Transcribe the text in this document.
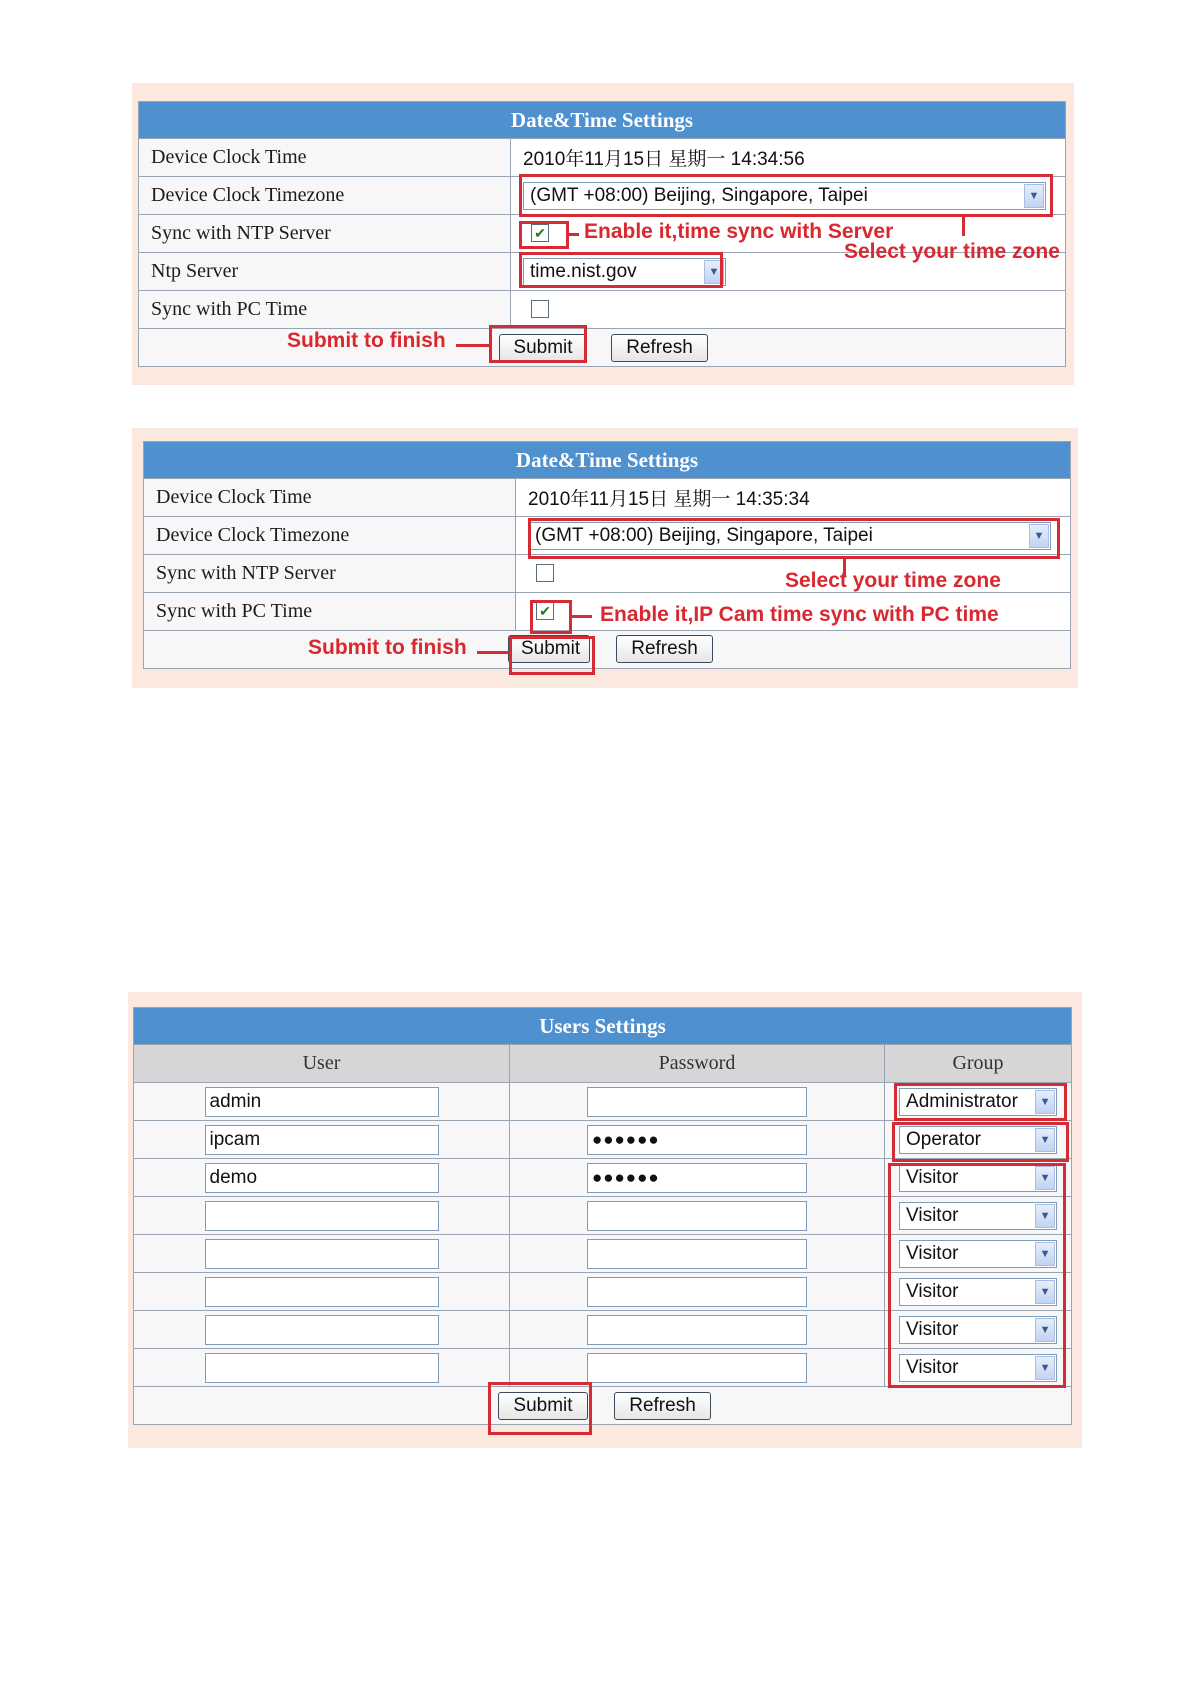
Date&Time Settings	
Device Clock Time	2010年11月15日 星期一 14:34:56
Device Clock Timezone	(GMT +08:00) Beijing, Singapore, Taipei ▼

Sync with NTP Server	✔

Ntp Server	time.nist.gov ▼

Sync with PC Time	

Submit Refresh	
Enable it,time sync with Server
Select your time zone
Submit to finish
Date&Time Settings	
Device Clock Time	2010年11月15日 星期一 14:35:34
Device Clock Timezone	(GMT +08:00) Beijing, Singapore, Taipei ▼

Sync with NTP Server	
Sync with PC Time	✔

Submit Refresh	
Select your time zone
Enable it,IP Cam time sync with PC time
Submit to finish
Users Settings		
User	Password	Group
admin		Administrator ▼

ipcam	●●●●●●	Operator ▼

demo	●●●●●●	Visitor ▼

		Visitor ▼

		Visitor ▼

		Visitor ▼

		Visitor ▼

		Visitor ▼

Submit Refresh		
